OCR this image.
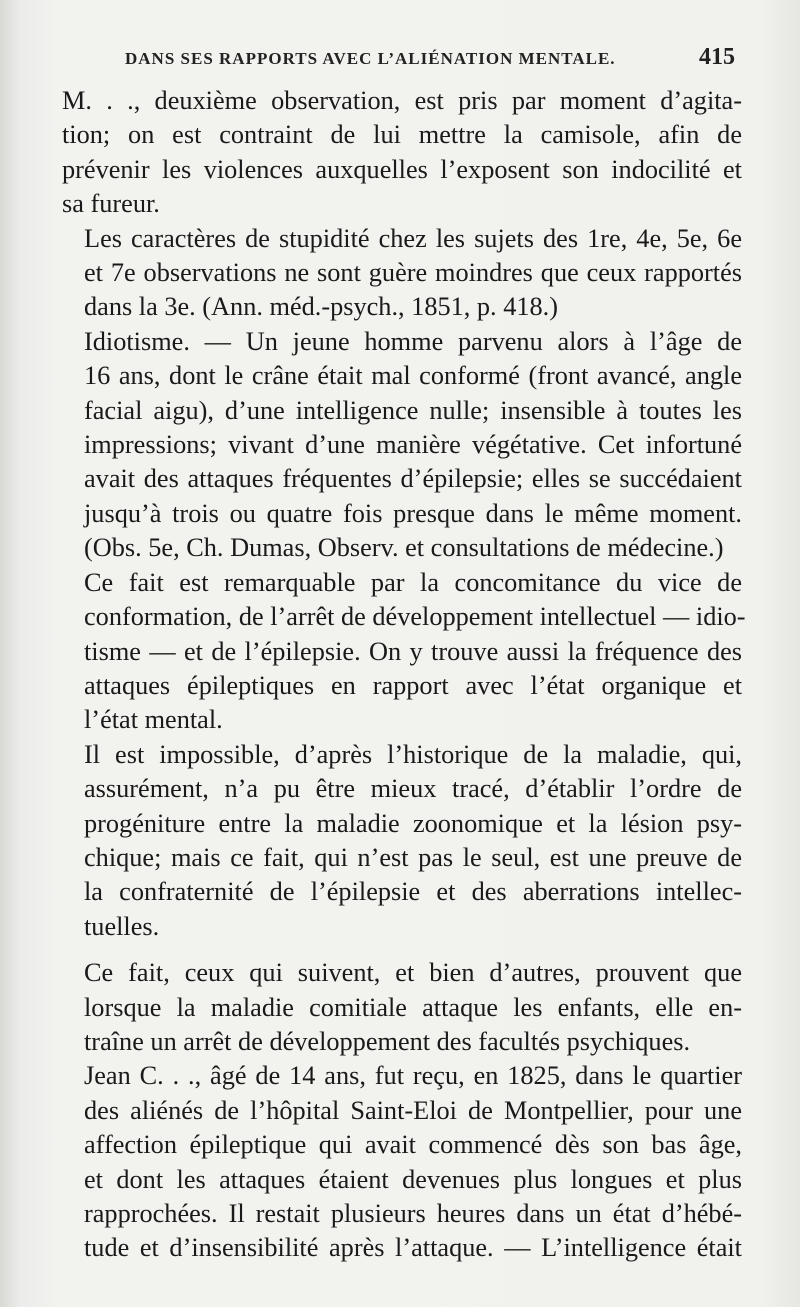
DANS SES RAPPORTS AVEC L’ALIÉNATION MENTALE.	415
M. . ., deuxième observation, est pris par moment d’agita-
tion; on est contraint de lui mettre la camisole, afin de
prévenir les violences auxquelles l’exposent son indocilité et
sa fureur.
Les caractères de stupidité chez les sujets des 1re, 4e, 5e, 6e
et 7e observations ne sont guère moindres que ceux rapportés
dans la 3e. (Ann. méd.-psych., 1851, p. 418.)
Idiotisme. — Un jeune homme parvenu alors à l’âge de
16 ans, dont le crâne était mal conformé (front avancé, angle
facial aigu), d’une intelligence nulle; insensible à toutes les
impressions; vivant d’une manière végétative. Cet infortuné
avait des attaques fréquentes d’épilepsie; elles se succédaient
jusqu’à trois ou quatre fois presque dans le même moment.
(Obs. 5e, Ch. Dumas, Observ. et consultations de médecine.)
Ce fait est remarquable par la concomitance du vice de
conformation, de l’arrêt de développement intellectuel — idio-
tisme — et de l’épilepsie. On y trouve aussi la fréquence des
attaques épileptiques en rapport avec l’état organique et
l’état mental.
Il est impossible, d’après l’historique de la maladie, qui,
assurément, n’a pu être mieux tracé, d’établir l’ordre de
progéniture entre la maladie zoonomique et la lésion psy-
chique; mais ce fait, qui n’est pas le seul, est une preuve de
la confraternité de l’épilepsie et des aberrations intellec-
tuelles.
Ce fait, ceux qui suivent, et bien d’autres, prouvent que
lorsque la maladie comitiale attaque les enfants, elle en-
traîne un arrêt de développement des facultés psychiques.
Jean C. . ., âgé de 14 ans, fut reçu, en 1825, dans le quartier
des aliénés de l’hôpital Saint-Eloi de Montpellier, pour une
affection épileptique qui avait commencé dès son bas âge,
et dont les attaques étaient devenues plus longues et plus
rapprochées. Il restait plusieurs heures dans un état d’hébé-
tude et d’insensibilité après l’attaque. — L’intelligence était
